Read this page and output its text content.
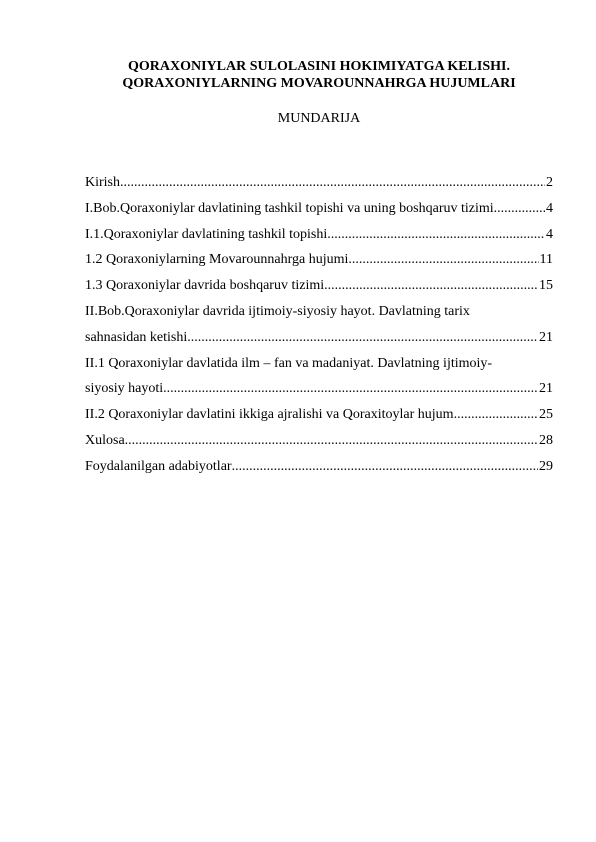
QORAXONIYLAR SULOLASINI HOKIMIYATGA KELISHI.
QORAXONIYLARNING MOVAROUNNAHRGA HUJUMLARI
MUNDARIJA
Kirish .....	2
I.Bob.Qoraxoniylar davlatining tashkil topishi va uning boshqaruv tizimi .....	4
I.1.Qoraxoniylar davlatining tashkil topishi .....	4
1.2 Qoraxoniylarning Movarounnahrga hujumi .....	11
1.3 Qoraxoniylar davrida boshqaruv tizimi .....	15
II.Bob.Qoraxoniylar davrida ijtimoiy-siyosiy hayot. Davlatning tarix
sahnasidan ketishi .....	21
II.1 Qoraxoniylar davlatida ilm – fan va madaniyat. Davlatning ijtimoiy-
siyosiy hayoti .....	21
II.2 Qoraxoniylar davlatini ikkiga ajralishi va Qoraxitoylar hujum .....	25
Xulosa .....	28
Foydalanilgan adabiyotlar .....	29
